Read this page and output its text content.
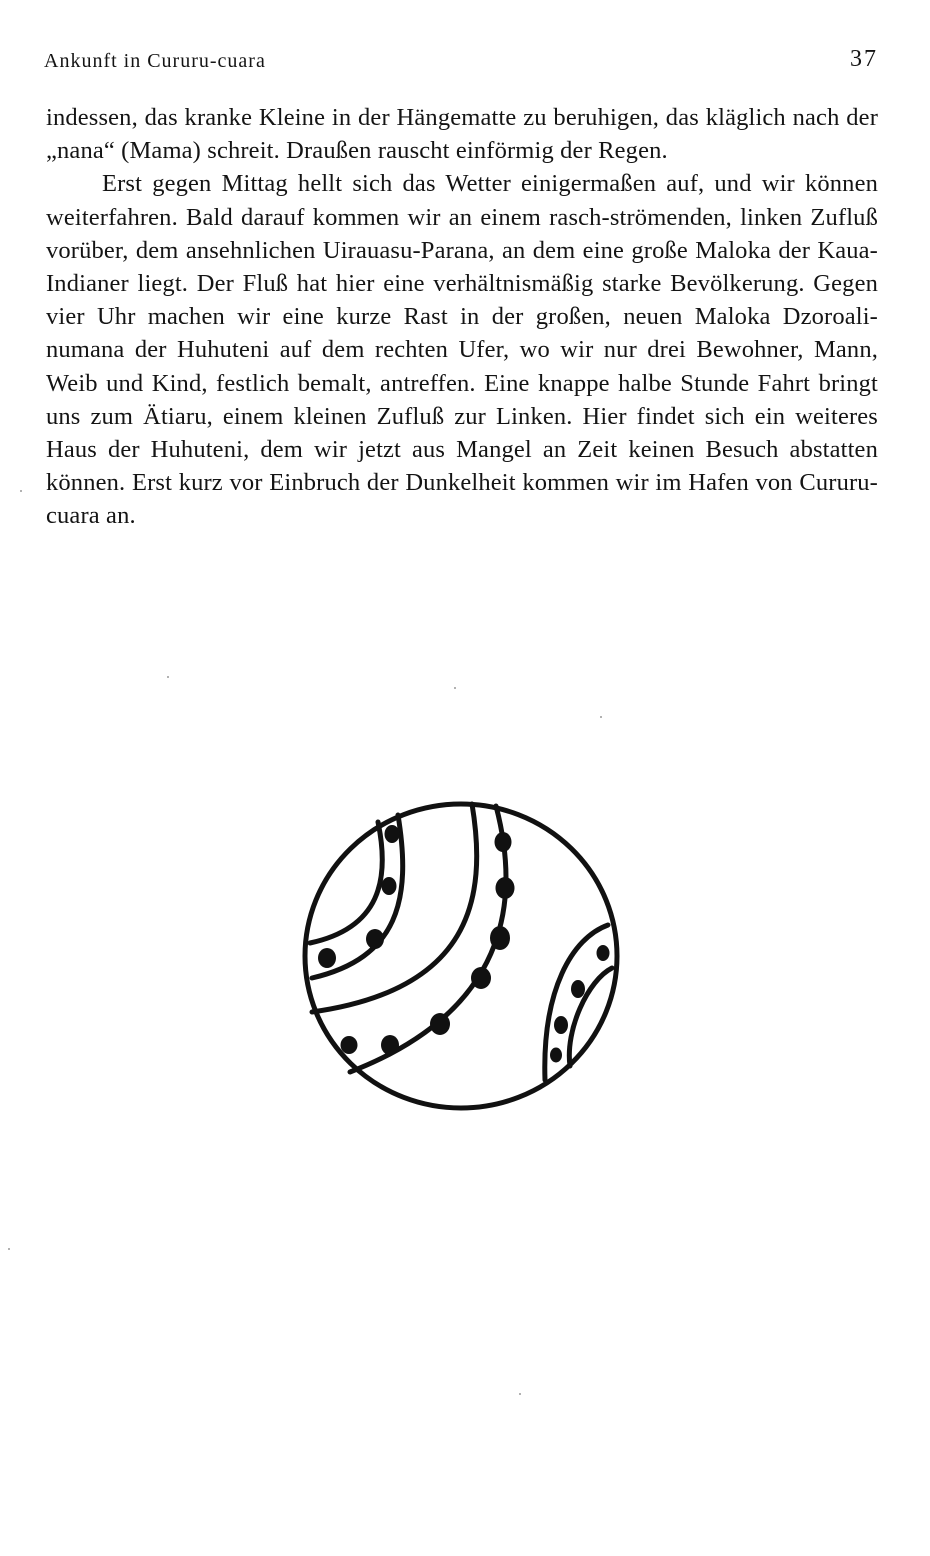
Ankunft in Cururu-cuara	37

indessen, das kranke Kleine in der Hängematte zu beruhigen, das kläglich nach der „nana“ (Mama) schreit. Draußen rauscht einförmig der Regen.

Erst gegen Mittag hellt sich das Wetter einigermaßen auf, und wir können weiterfahren. Bald darauf kommen wir an einem rasch-strömenden, linken Zufluß vorüber, dem ansehnlichen Uirauasu-Parana, an dem eine große Maloka der Kaua-Indianer liegt. Der Fluß hat hier eine verhältnismäßig starke Bevölkerung. Gegen vier Uhr machen wir eine kurze Rast in der großen, neuen Maloka Dzoroali-numana der Huhuteni auf dem rechten Ufer, wo wir nur drei Bewohner, Mann, Weib und Kind, festlich bemalt, antreffen. Eine knappe halbe Stunde Fahrt bringt uns zum Ätiaru, einem kleinen Zufluß zur Linken. Hier findet sich ein weiteres Haus der Huhuteni, dem wir jetzt aus Mangel an Zeit keinen Besuch abstatten können. Erst kurz vor Einbruch der Dunkelheit kommen wir im Hafen von Cururu-cuara an.
